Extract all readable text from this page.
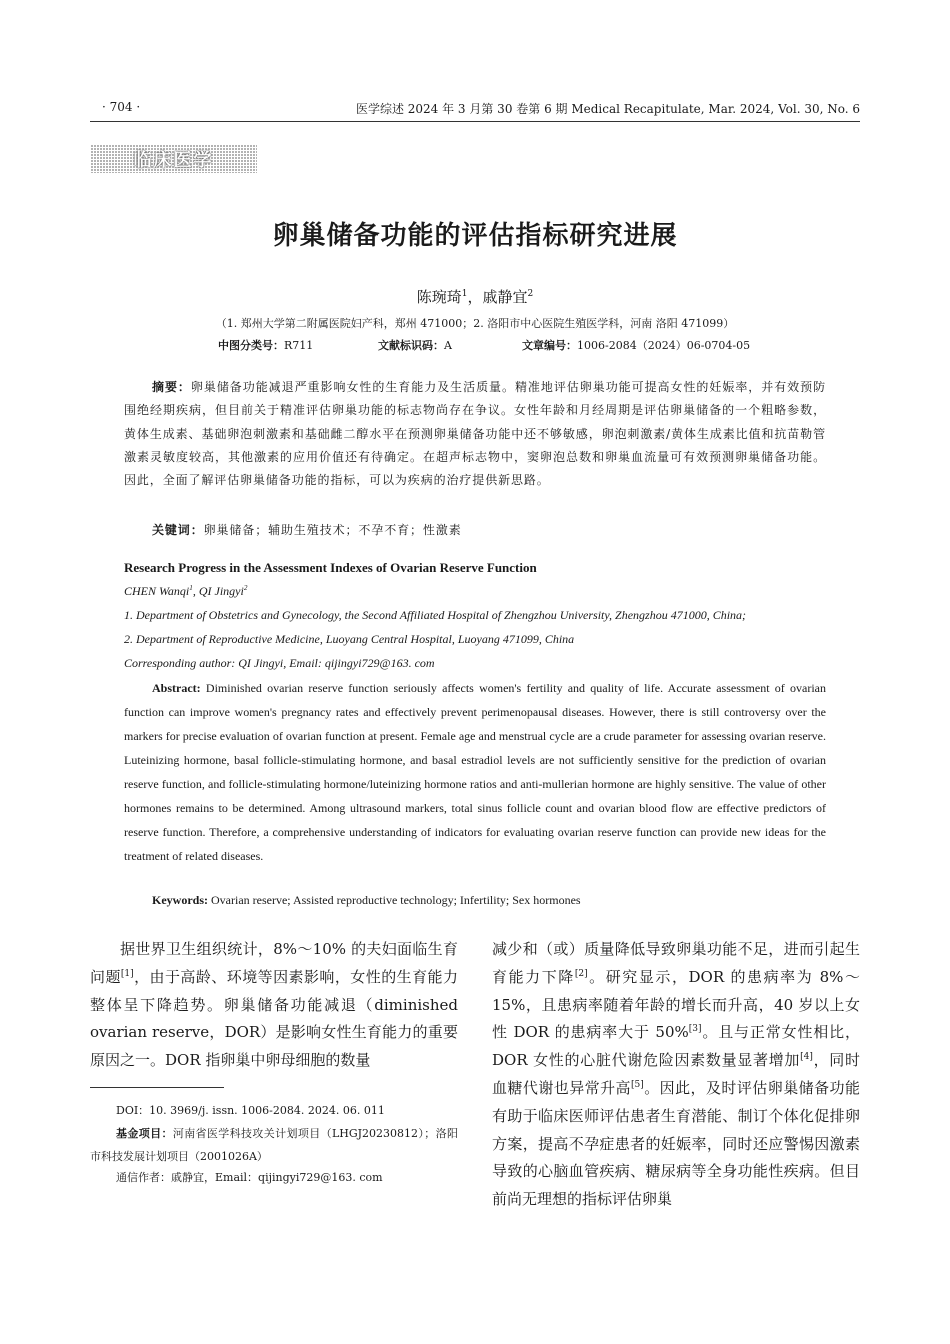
· 704 ·	医学综述 2024 年 3 月第 30 卷第 6 期 Medical Recapitulate, Mar. 2024, Vol. 30, No. 6
临床医学
卵巢储备功能的评估指标研究进展
陈琬琦$^1$，戚静宜$^2$
（1. 郑州大学第二附属医院妇产科，郑州 471000；2. 洛阳市中心医院生殖医学科，河南 洛阳 471099）
中图分类号：R711	文献标识码：A	文章编号：1006-2084（2024）06-0704-05
摘要：卵巢储备功能减退严重影响女性的生育能力及生活质量。精准地评估卵巢功能可提高女性的妊娠率，并有效预防围绝经期疾病，但目前关于精准评估卵巢功能的标志物尚存在争议。女性年龄和月经周期是评估卵巢储备的一个粗略参数，黄体生成素、基础卵泡刺激素和基础雌二醇水平在预测卵巢储备功能中还不够敏感，卵泡刺激素/黄体生成素比值和抗苗勒管激素灵敏度较高，其他激素的应用价值还有待确定。在超声标志物中，窦卵泡总数和卵巢血流量可有效预测卵巢储备功能。因此，全面了解评估卵巢储备功能的指标，可以为疾病的治疗提供新思路。
关键词：卵巢储备；辅助生殖技术；不孕不育；性激素
Research Progress in the Assessment Indexes of Ovarian Reserve Function
CHEN Wanqi$^1$, QI Jingyi$^2$
1. Department of Obstetrics and Gynecology, the Second Affiliated Hospital of Zhengzhou University, Zhengzhou 471000, China;
2. Department of Reproductive Medicine, Luoyang Central Hospital, Luoyang 471099, China
Corresponding author: QI Jingyi, Email: qijingyi729@163. com
Abstract: Diminished ovarian reserve function seriously affects women's fertility and quality of life. Accurate assessment of ovarian function can improve women's pregnancy rates and effectively prevent perimenopausal diseases. However, there is still controversy over the markers for precise evaluation of ovarian function at present. Female age and menstrual cycle are a crude parameter for assessing ovarian reserve. Luteinizing hormone, basal follicle-stimulating hormone, and basal estradiol levels are not sufficiently sensitive for the prediction of ovarian reserve function, and follicle-stimulating hormone/luteinizing hormone ratios and anti-mullerian hormone are highly sensitive. The value of other hormones remains to be determined. Among ultrasound markers, total sinus follicle count and ovarian blood flow are effective predictors of reserve function. Therefore, a comprehensive understanding of indicators for evaluating ovarian reserve function can provide new ideas for the treatment of related diseases.
Keywords: Ovarian reserve; Assisted reproductive technology; Infertility; Sex hormones
据世界卫生组织统计，8%～10% 的夫妇面临生育问题[1]，由于高龄、环境等因素影响，女性的生育能力整体呈下降趋势。卵巢储备功能减退（diminished ovarian reserve，DOR）是影响女性生育能力的重要原因之一。DOR 指卵巢中卵母细胞的数量
DOI：10. 3969/j. issn. 1006-2084. 2024. 06. 011
基金项目：河南省医学科技攻关计划项目（LHGJ20230812）；洛阳市科技发展计划项目（2001026A）
通信作者：戚静宜，Email：qijingyi729@163. com
减少和（或）质量降低导致卵巢功能不足，进而引起生育能力下降[2]。研究显示，DOR 的患病率为 8%～15%，且患病率随着年龄的增长而升高，40 岁以上女性 DOR 的患病率大于 50%[3]。且与正常女性相比，DOR 女性的心脏代谢危险因素数量显著增加[4]，同时血糖代谢也异常升高[5]。因此，及时评估卵巢储备功能有助于临床医师评估患者生育潜能、制订个体化促排卵方案，提高不孕症患者的妊娠率，同时还应警惕因激素导致的心脑血管疾病、糖尿病等全身功能性疾病。但目前尚无理想的指标评估卵巢
